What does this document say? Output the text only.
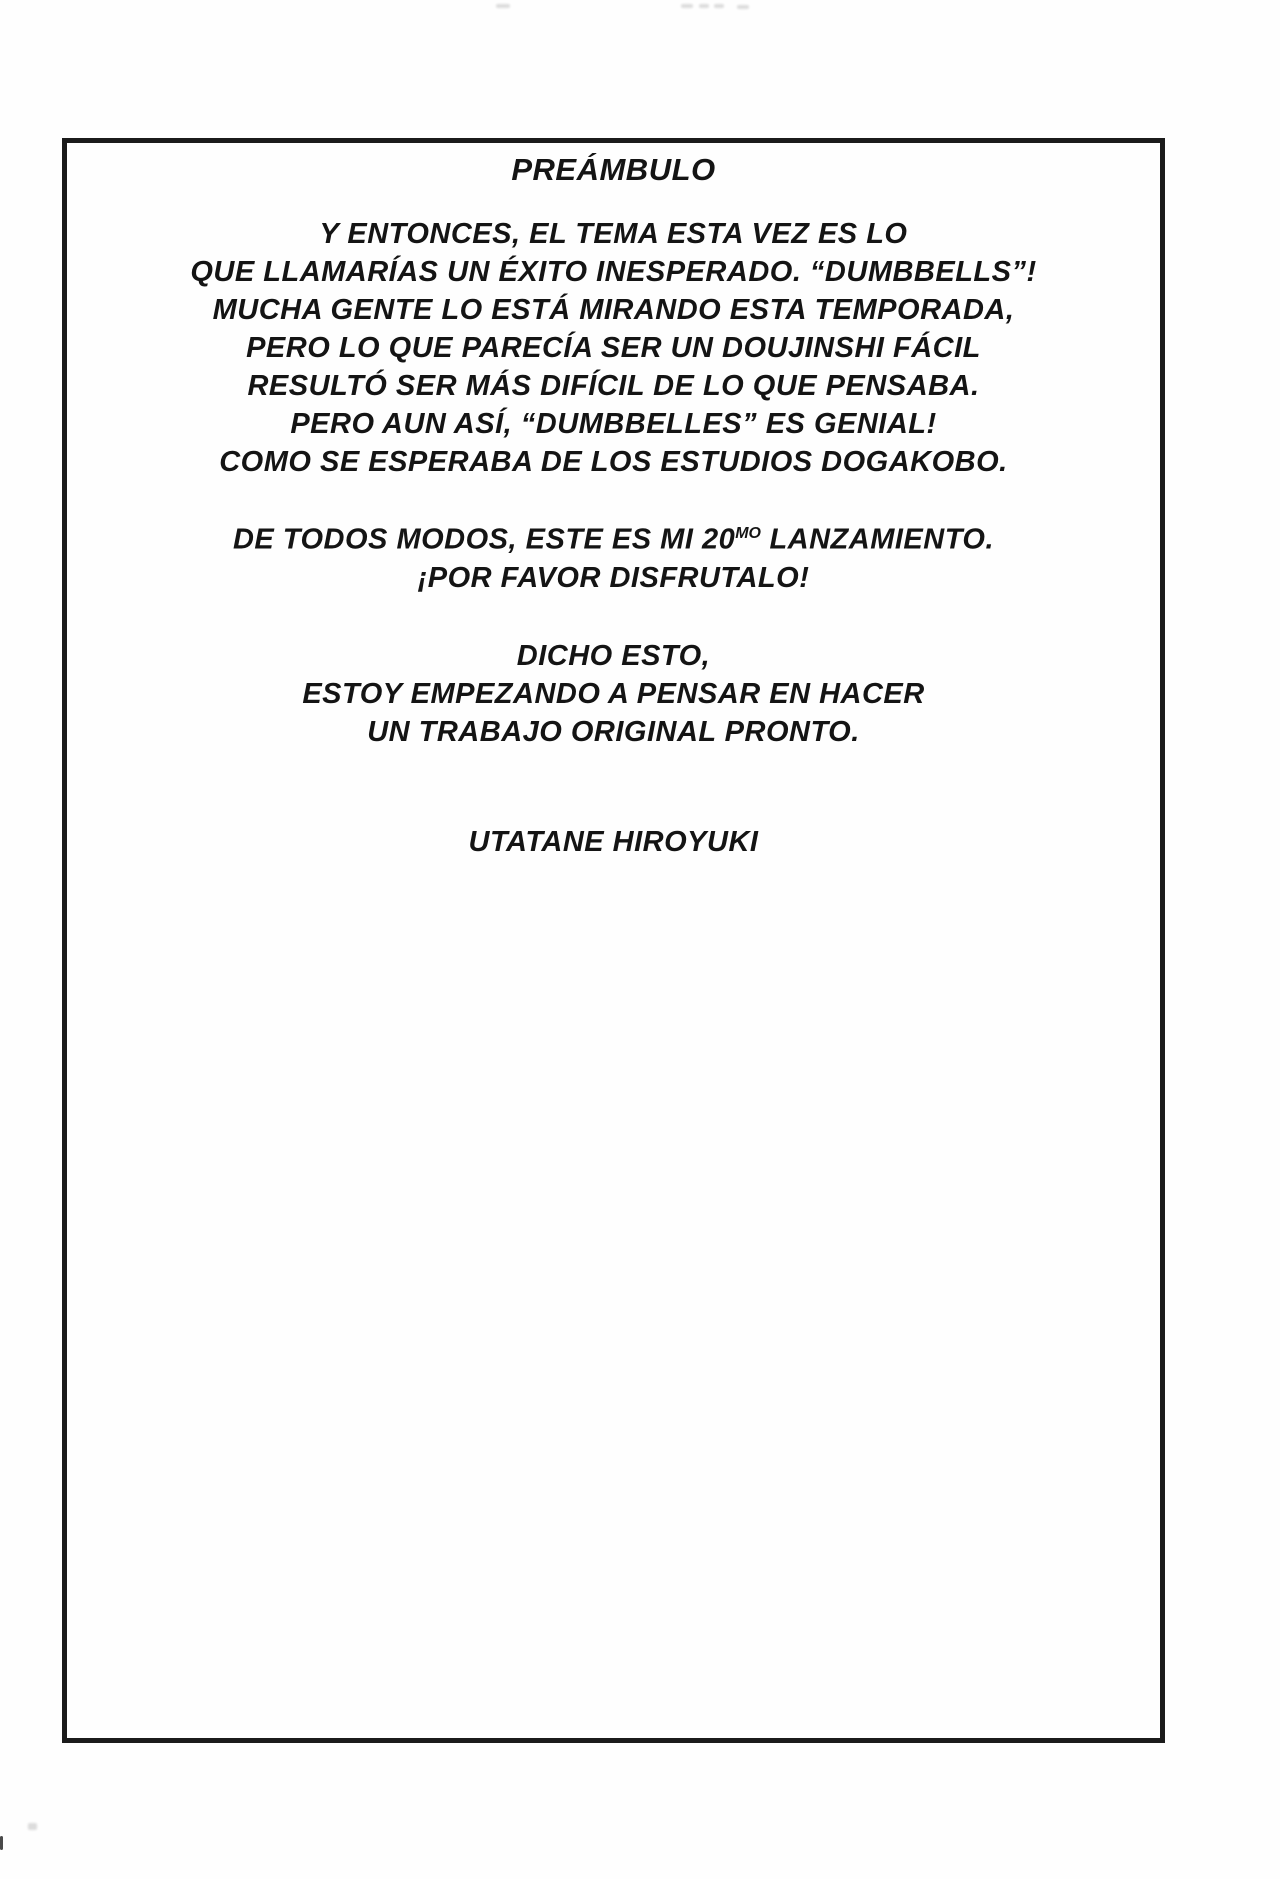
PREÁMBULO
Y ENTONCES, EL TEMA ESTA VEZ ES LO
QUE LLAMARÍAS UN ÉXITO INESPERADO. “DUMBBELLS”!
MUCHA GENTE LO ESTÁ MIRANDO ESTA TEMPORADA,
PERO LO QUE PARECÍA SER UN DOUJINSHI FÁCIL
RESULTÓ SER MÁS DIFÍCIL DE LO QUE PENSABA.
PERO AUN ASÍ, “DUMBBELLES” ES GENIAL!
COMO SE ESPERABA DE LOS ESTUDIOS DOGAKOBO.
DE TODOS MODOS, ESTE ES MI $20^{MO}$ LANZAMIENTO.
¡POR FAVOR DISFRUTALO!
DICHO ESTO,
ESTOY EMPEZANDO A PENSAR EN HACER
UN TRABAJO ORIGINAL PRONTO.
UTATANE HIROYUKI
